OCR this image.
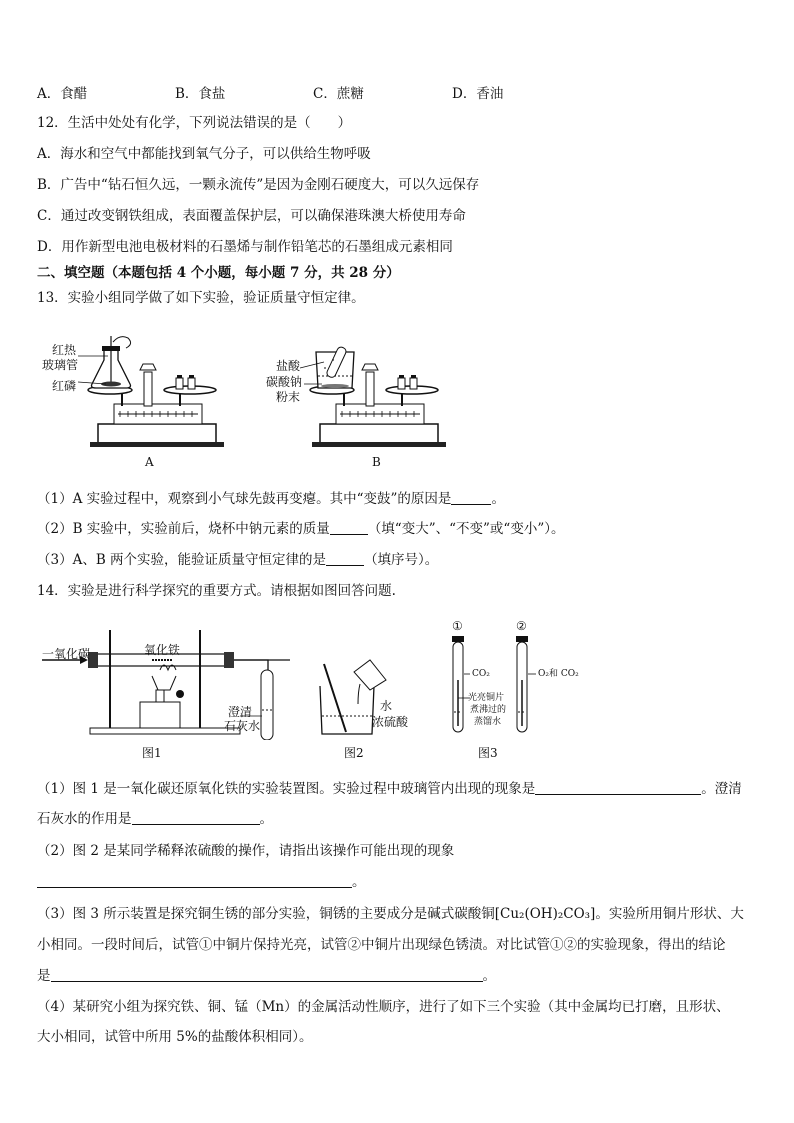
A．食醋	B．食盐	C．蔗糖	D．香油
12．生活中处处有化学，下列说法错误的是（　　）
A．海水和空气中都能找到氧气分子，可以供给生物呼吸
B．广告中“钻石恒久远，一颗永流传”是因为金刚石硬度大，可以久远保存
C．通过改变钢铁组成，表面覆盖保护层，可以确保港珠澳大桥使用寿命
D．用作新型电池电极材料的石墨烯与制作铅笔芯的石墨组成元素相同
二、填空题（本题包括 4 个小题，每小题 7 分，共 28 分）
13．实验小组同学做了如下实验，验证质量守恒定律。
红热
玻璃管
红磷
A
盐酸
碳酸钠
粉末
B
（1）A 实验过程中，观察到小气球先鼓再变瘪。其中“变鼓”的原因是	。
（2）B 实验中，实验前后，烧杯中钠元素的质量	（填“变大”、“不变”或“变小”）。
（3）A、B 两个实验，能验证质量守恒定律的是	（填序号）。
14．实验是进行科学探究的重要方式。请根据如图回答问题.
一氧化碳	氧化铁
澄清
石灰水
图1
水
浓硫酸
图2
①	②
CO₂	O₂和 CO₂
光亮铜片
煮沸过的
蒸馏水
图3
（1）图 1 是一氧化碳还原氧化铁的实验装置图。实验过程中玻璃管内出现的现象是	。澄清
石灰水的作用是	。
（2）图 2 是某同学稀释浓硫酸的操作，请指出该操作可能出现的现象
。
（3）图 3 所示装置是探究铜生锈的部分实验，铜锈的主要成分是碱式碳酸铜[Cu₂(OH)₂CO₃]。实验所用铜片形状、大
小相同。一段时间后，试管①中铜片保持光亮，试管②中铜片出现绿色锈渍。对比试管①②的实验现象，得出的结论
是	。
（4）某研究小组为探究铁、铜、锰（Mn）的金属活动性顺序，进行了如下三个实验（其中金属均已打磨，且形状、
大小相同，试管中所用 5%的盐酸体积相同）。
